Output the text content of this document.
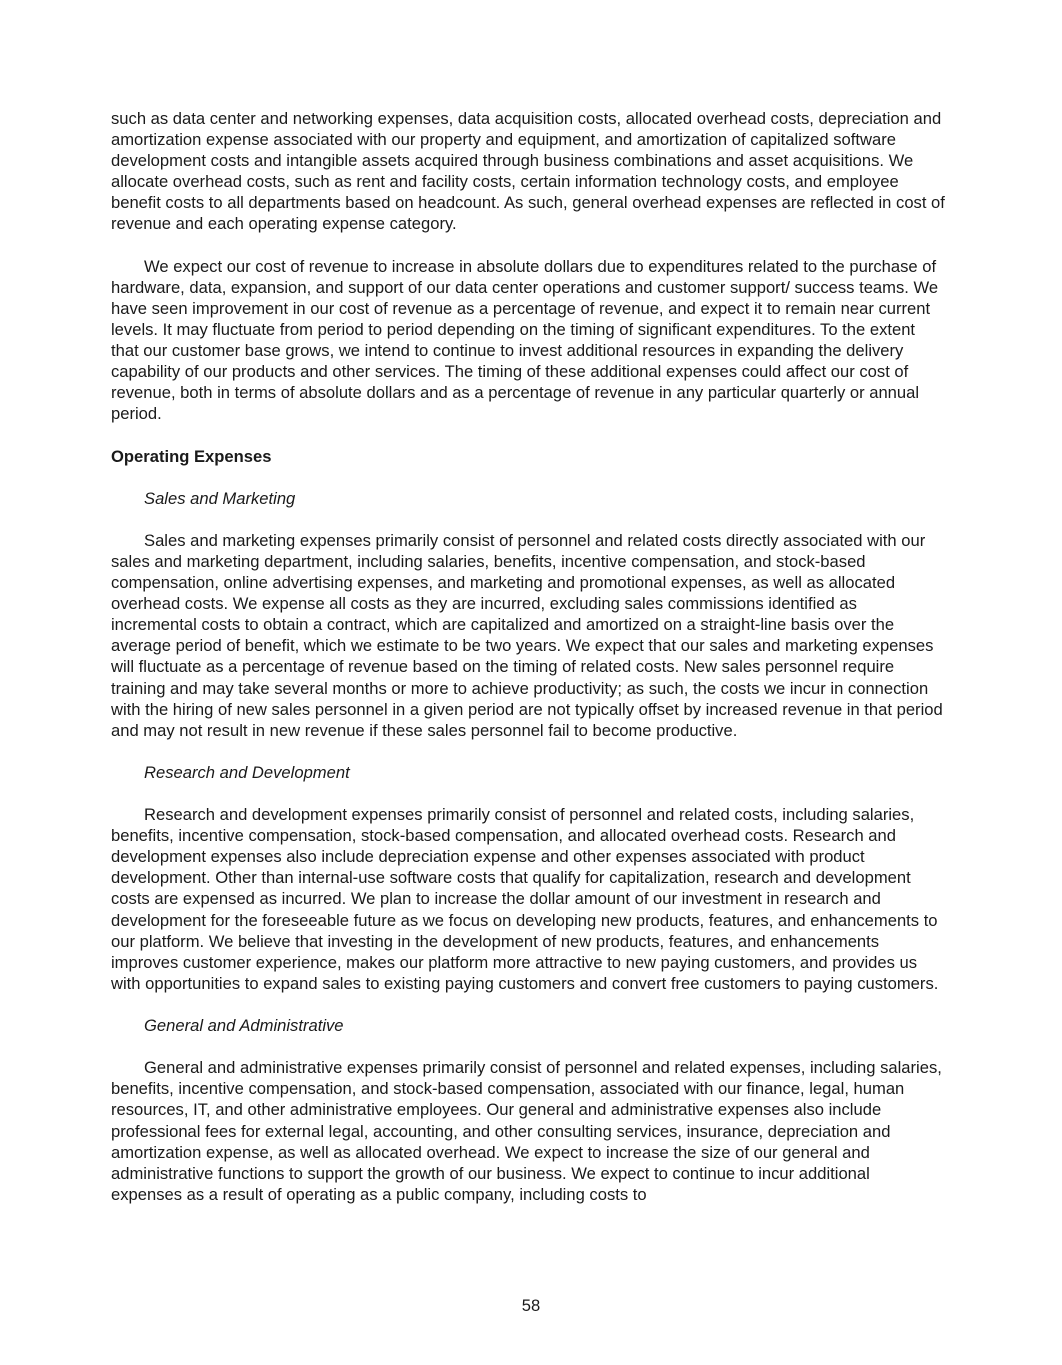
such as data center and networking expenses, data acquisition costs, allocated overhead costs, depreciation and amortization expense associated with our property and equipment, and amortization of capitalized software development costs and intangible assets acquired through business combinations and asset acquisitions. We allocate overhead costs, such as rent and facility costs, certain information technology costs, and employee benefit costs to all departments based on headcount. As such, general overhead expenses are reflected in cost of revenue and each operating expense category.

We expect our cost of revenue to increase in absolute dollars due to expenditures related to the purchase of hardware, data, expansion, and support of our data center operations and customer support/ success teams. We have seen improvement in our cost of revenue as a percentage of revenue, and expect it to remain near current levels. It may fluctuate from period to period depending on the timing of significant expenditures. To the extent that our customer base grows, we intend to continue to invest additional resources in expanding the delivery capability of our products and other services. The timing of these additional expenses could affect our cost of revenue, both in terms of absolute dollars and as a percentage of revenue in any particular quarterly or annual period.

Operating Expenses

Sales and Marketing

Sales and marketing expenses primarily consist of personnel and related costs directly associated with our sales and marketing department, including salaries, benefits, incentive compensation, and stock-based compensation, online advertising expenses, and marketing and promotional expenses, as well as allocated overhead costs. We expense all costs as they are incurred, excluding sales commissions identified as incremental costs to obtain a contract, which are capitalized and amortized on a straight-line basis over the average period of benefit, which we estimate to be two years. We expect that our sales and marketing expenses will fluctuate as a percentage of revenue based on the timing of related costs. New sales personnel require training and may take several months or more to achieve productivity; as such, the costs we incur in connection with the hiring of new sales personnel in a given period are not typically offset by increased revenue in that period and may not result in new revenue if these sales personnel fail to become productive.

Research and Development

Research and development expenses primarily consist of personnel and related costs, including salaries, benefits, incentive compensation, stock-based compensation, and allocated overhead costs. Research and development expenses also include depreciation expense and other expenses associated with product development. Other than internal-use software costs that qualify for capitalization, research and development costs are expensed as incurred. We plan to increase the dollar amount of our investment in research and development for the foreseeable future as we focus on developing new products, features, and enhancements to our platform. We believe that investing in the development of new products, features, and enhancements improves customer experience, makes our platform more attractive to new paying customers, and provides us with opportunities to expand sales to existing paying customers and convert free customers to paying customers.

General and Administrative

General and administrative expenses primarily consist of personnel and related expenses, including salaries, benefits, incentive compensation, and stock-based compensation, associated with our finance, legal, human resources, IT, and other administrative employees. Our general and administrative expenses also include professional fees for external legal, accounting, and other consulting services, insurance, depreciation and amortization expense, as well as allocated overhead. We expect to increase the size of our general and administrative functions to support the growth of our business. We expect to continue to incur additional expenses as a result of operating as a public company, including costs to

58
